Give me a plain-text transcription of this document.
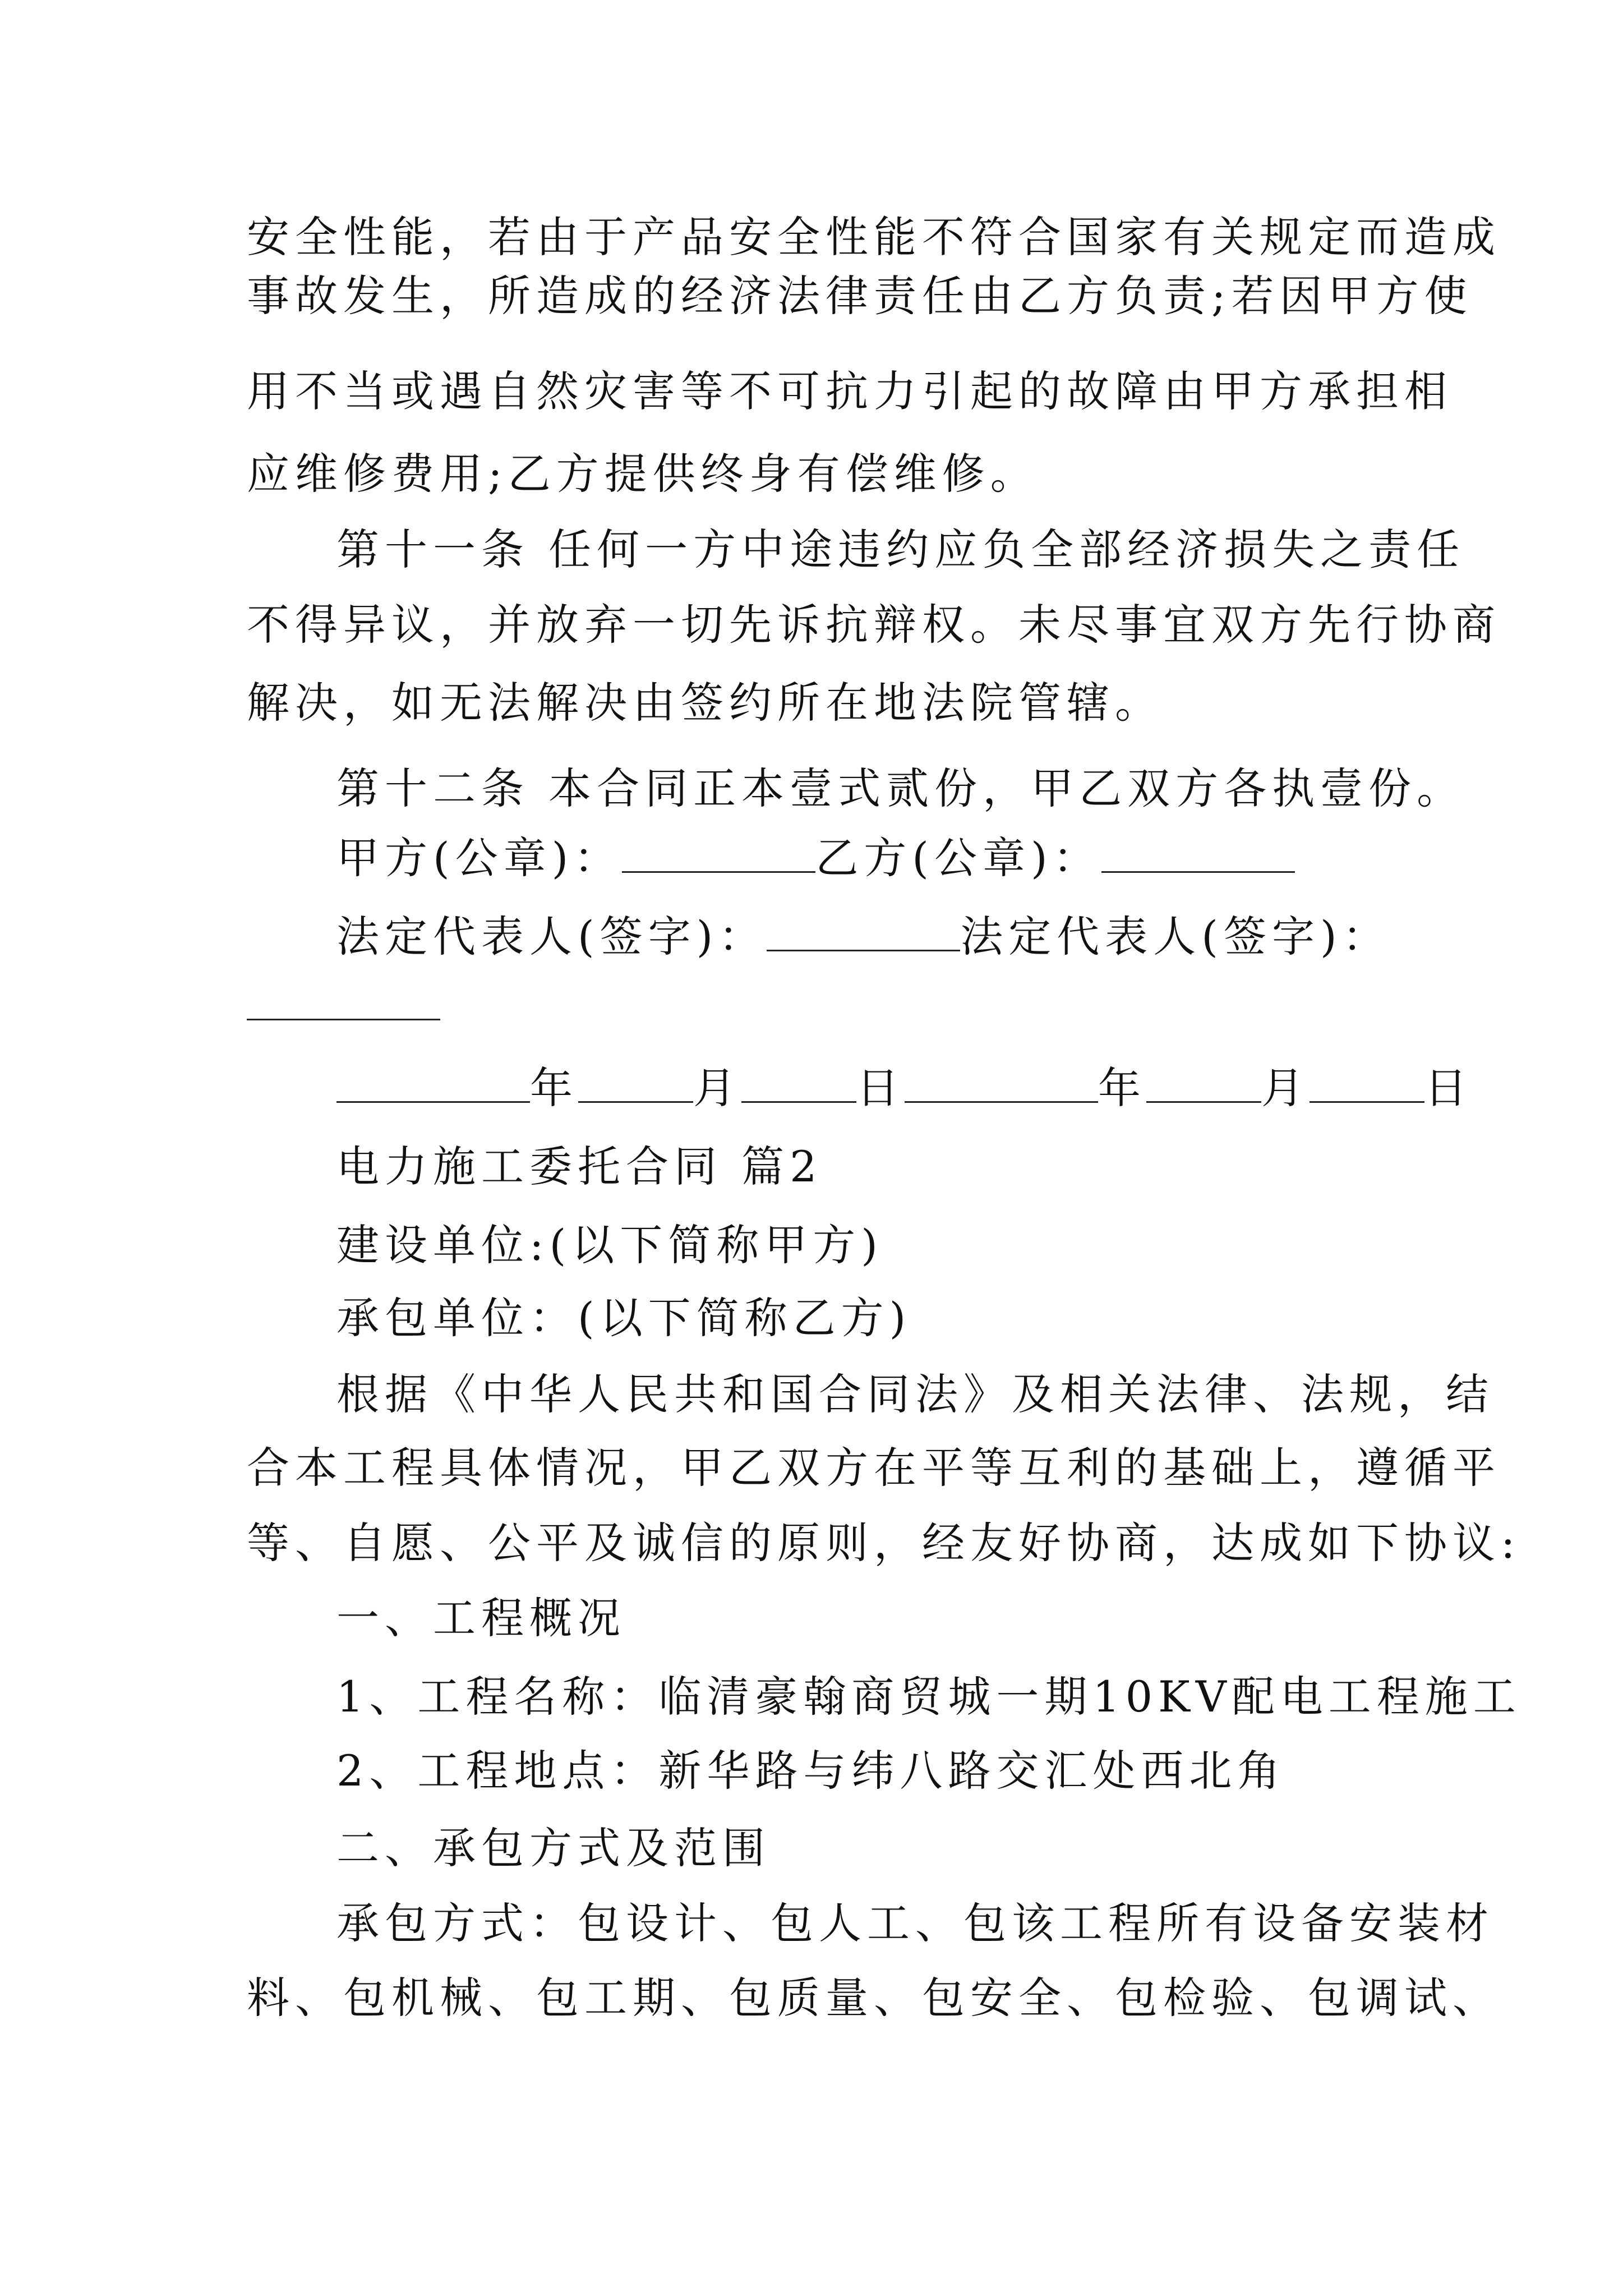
安全性能，若由于产品安全性能不符合国家有关规定而造成
事故发生，所造成的经济法律责任由乙方负责;若因甲方使
用不当或遇自然灾害等不可抗力引起的故障由甲方承担相
应维修费用;乙方提供终身有偿维修。
第十一条 任何一方中途违约应负全部经济损失之责任
不得异议，并放弃一切先诉抗辩权。未尽事宜双方先行协商
解决，如无法解决由签约所在地法院管辖。
第十二条 本合同正本壹式贰份，甲乙双方各执壹份。
甲方(公章)：	乙方(公章)：
法定代表人(签字)：	法定代表人(签字)：
年	月	日	年	月	日
电力施工委托合同 篇2
建设单位:(以下简称甲方)
承包单位：(以下简称乙方)
根据《中华人民共和国合同法》及相关法律、法规，结
合本工程具体情况，甲乙双方在平等互利的基础上，遵循平
等、自愿、公平及诚信的原则，经友好协商，达成如下协议:
一、工程概况
1、工程名称：临清豪翰商贸城一期10KV配电工程施工
2、工程地点：新华路与纬八路交汇处西北角
二、承包方式及范围
承包方式：包设计、包人工、包该工程所有设备安装材
料、包机械、包工期、包质量、包安全、包检验、包调试、
